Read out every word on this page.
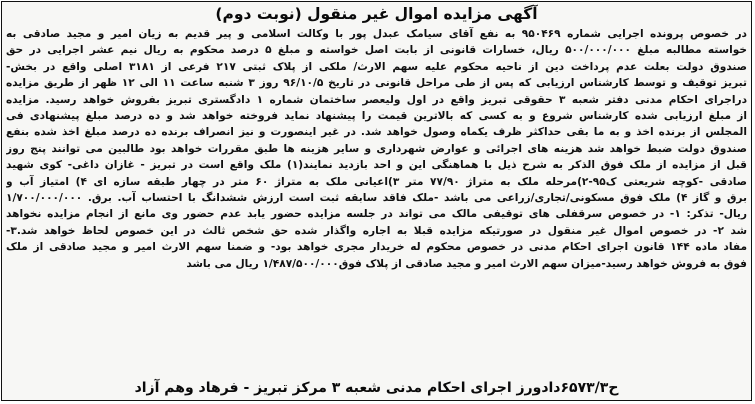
آگهی مزایده اموال غیر منقول (نوبت دوم)

در خصوص پرونده اجرایی شماره ۹۵۰۴۶۹ به نفع آقای سیامک عبدل پور با وکالت اسلامی و پیر قدیم به زیان امیر و مجید صادقی به

خواسته مطالبه مبلغ ۵۰۰/۰۰۰/۰۰۰ ریال، خسارات قانونی از بابت اصل خواسته و مبلغ ۵ درصد محکوم به ریال نیم عشر اجرایی در حق

صندوق دولت بعلت عدم پرداخت دین از ناحیه محکوم علیه سهم الارث/ ملکی از پلاک ثبتی ۲۱۷ فرعی از ۳۱۸۱ اصلی واقع در بخش-

تبریز توقیف و توسط کارشناس ارزیابی که پس از طی مراحل قانونی در تاریخ ۹۶/۱۰/۵ روز ۳ شنبه ساعت ۱۱ الی ۱۲ ظهر از طریق مزایده

دراجرای احکام مدنی دفتر شعبه ۳ حقوقی تبریز واقع در اول ولیعصر ساختمان شماره ۱ دادگستری تبریز بفروش خواهد رسید. مزایده

از مبلغ ارزیابی شده کارشناس شروع و به کسی که بالاترین قیمت را پیشنهاد نماید فروخته خواهد شد و ده درصد مبلغ پیشنهادی فی

المجلس از برنده اخذ و به ما بقی حداکثر ظرف یکماه وصول خواهد شد. در غیر اینصورت و نیز انصراف برنده ده درصد مبلغ اخذ شده بنفع

صندوق دولت ضبط خواهد شد هزینه های اجرائی و عوارض شهرداری و سایر هزینه ها طبق مقررات خواهد بود طالبین می توانند پنج روز

قبل از مزایده از ملک فوق الذکر به شرح ذیل با هماهنگی این و احد بازدید نمایند(۱) ملک واقع است در تبریز - غازان داغی- کوی شهید

صادقی -کوچه شریعتی ک۹۵-۲)مرحله ملک به متراژ ۷۷/۹۰ متر ۳)اعیانی ملک به متراژ ۶۰ متر در چهار طبقه سازه ای ۴) امتیاز آب و

برق و گاز ۴) ملک فوق مسکونی/تجاری/زراعی می باشد -ملک فاقد سابقه ثبت است ارزش ششدانگ با احتساب آب. برق. ۱/۷۰۰/۰۰۰/۰۰۰

ریال- تذکر: ۱- در خصوص سرقفلی های توقیفی مالک می تواند در جلسه مزایده حضور یابد عدم حضور وی مانع از انجام مزایده نخواهد

شد ۲- در خصوص اموال غیر منقول در صورتیکه مزایده قبلا به اجاره واگذار شده حق شخص ثالث در این خصوص لحاظ خواهد شد.۳-

مفاد ماده ۱۴۴ قانون اجرای احکام مدنی در خصوص محکوم له خریدار مجری خواهد بود- و ضمنا سهم الارث امیر و مجید صادقی از ملک

فوق به فروش خواهد رسید-میزان سهم الارث امیر و مجید صادقی از پلاک فوق۱/۴۸۷/۵۰۰/۰۰۰ ریال می باشد

ح۶۵۷۳/۳دادورز اجرای احکام مدنی شعبه ۳ مرکز تبریز - فرهاد وهم آزاد
